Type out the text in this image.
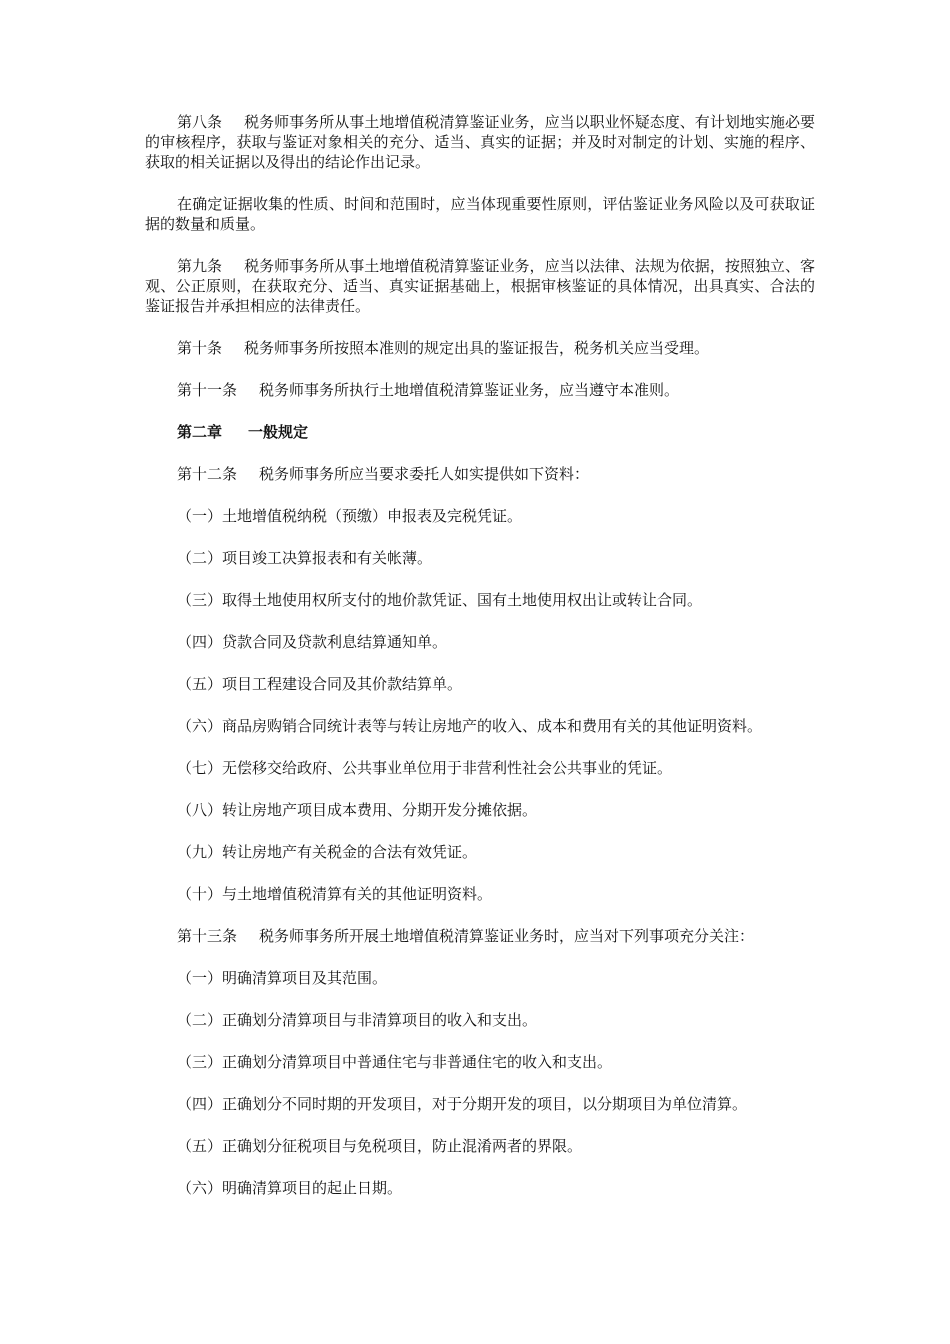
第八条 税务师事务所从事土地增值税清算鉴证业务，应当以职业怀疑态度、有计划地实施必要的审核程序，获取与鉴证对象相关的充分、适当、真实的证据；并及时对制定的计划、实施的程序、获取的相关证据以及得出的结论作出记录。

在确定证据收集的性质、时间和范围时，应当体现重要性原则，评估鉴证业务风险以及可获取证据的数量和质量。

第九条 税务师事务所从事土地增值税清算鉴证业务，应当以法律、法规为依据，按照独立、客观、公正原则，在获取充分、适当、真实证据基础上，根据审核鉴证的具体情况，出具真实、合法的鉴证报告并承担相应的法律责任。

第十条 税务师事务所按照本准则的规定出具的鉴证报告，税务机关应当受理。

第十一条 税务师事务所执行土地增值税清算鉴证业务，应当遵守本准则。

第二章 一般规定

第十二条 税务师事务所应当要求委托人如实提供如下资料：

（一）土地增值税纳税（预缴）申报表及完税凭证。

（二）项目竣工决算报表和有关帐薄。

（三）取得土地使用权所支付的地价款凭证、国有土地使用权出让或转让合同。

（四）贷款合同及贷款利息结算通知单。

（五）项目工程建设合同及其价款结算单。

（六）商品房购销合同统计表等与转让房地产的收入、成本和费用有关的其他证明资料。

（七）无偿移交给政府、公共事业单位用于非营利性社会公共事业的凭证。

（八）转让房地产项目成本费用、分期开发分摊依据。

（九）转让房地产有关税金的合法有效凭证。

（十）与土地增值税清算有关的其他证明资料。

第十三条 税务师事务所开展土地增值税清算鉴证业务时，应当对下列事项充分关注：

（一）明确清算项目及其范围。

（二）正确划分清算项目与非清算项目的收入和支出。

（三）正确划分清算项目中普通住宅与非普通住宅的收入和支出。

（四）正确划分不同时期的开发项目，对于分期开发的项目，以分期项目为单位清算。

（五）正确划分征税项目与免税项目，防止混淆两者的界限。

（六）明确清算项目的起止日期。
